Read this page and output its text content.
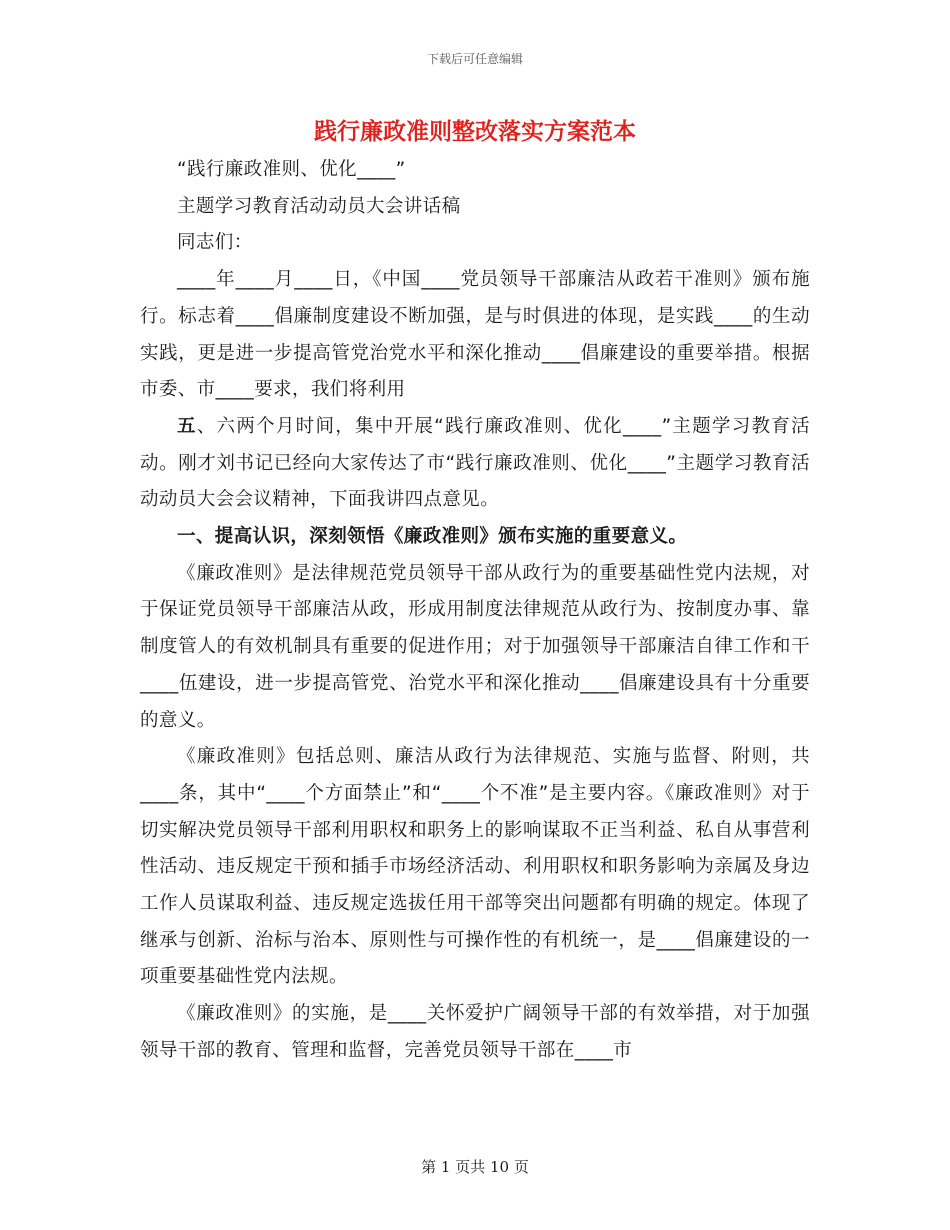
下载后可任意编辑
践行廉政准则整改落实方案范本

“践行廉政准则、优化____”

主题学习教育活动动员大会讲话稿

同志们：

____年____月____日，《中国____党员领导干部廉洁从政若干准则》颁布施行。标志着____倡廉制度建设不断加强，是与时俱进的体现，是实践____的生动实践，更是进一步提高管党治党水平和深化推动____倡廉建设的重要举措。根据市委、市____要求，我们将利用

五、六两个月时间，集中开展“践行廉政准则、优化____”主题学习教育活动。刚才刘书记已经向大家传达了市“践行廉政准则、优化____”主题学习教育活动动员大会会议精神，下面我讲四点意见。

一、提高认识，深刻领悟《廉政准则》颁布实施的重要意义。

《廉政准则》是法律规范党员领导干部从政行为的重要基础性党内法规，对于保证党员领导干部廉洁从政，形成用制度法律规范从政行为、按制度办事、靠制度管人的有效机制具有重要的促进作用；对于加强领导干部廉洁自律工作和干____伍建设，进一步提高管党、治党水平和深化推动____倡廉建设具有十分重要的意义。

《廉政准则》包括总则、廉洁从政行为法律规范、实施与监督、附则，共____条，其中“____个方面禁止”和“____个不准”是主要内容。《廉政准则》对于切实解决党员领导干部利用职权和职务上的影响谋取不正当利益、私自从事营利性活动、违反规定干预和插手市场经济活动、利用职权和职务影响为亲属及身边工作人员谋取利益、违反规定选拔任用干部等突出问题都有明确的规定。体现了继承与创新、治标与治本、原则性与可操作性的有机统一，是____倡廉建设的一项重要基础性党内法规。

《廉政准则》的实施，是____关怀爱护广阔领导干部的有效举措，对于加强领导干部的教育、管理和监督，完善党员领导干部在____市

第 1 页共 10 页
